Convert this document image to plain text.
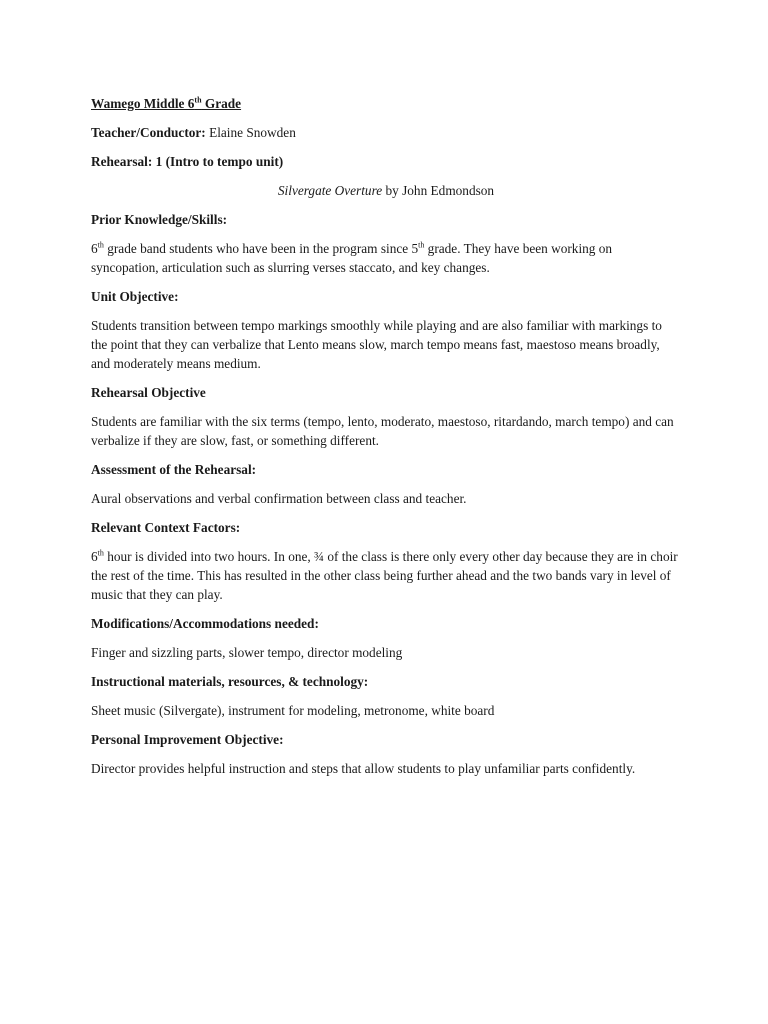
Wamego Middle 6th Grade

Teacher/Conductor: Elaine Snowden

Rehearsal: 1 (Intro to tempo unit)

Silvergate Overture by John Edmondson

Prior Knowledge/Skills:

6th grade band students who have been in the program since 5th grade. They have been working on syncopation, articulation such as slurring verses staccato, and key changes.

Unit Objective:

Students transition between tempo markings smoothly while playing and are also familiar with markings to the point that they can verbalize that Lento means slow, march tempo means fast, maestoso means broadly, and moderately means medium.

Rehearsal Objective

Students are familiar with the six terms (tempo, lento, moderato, maestoso, ritardando, march tempo) and can verbalize if they are slow, fast, or something different.

Assessment of the Rehearsal:

Aural observations and verbal confirmation between class and teacher.

Relevant Context Factors:

6th hour is divided into two hours. In one, ¾ of the class is there only every other day because they are in choir the rest of the time. This has resulted in the other class being further ahead and the two bands vary in level of music that they can play.

Modifications/Accommodations needed:

Finger and sizzling parts, slower tempo, director modeling

Instructional materials, resources, & technology:

Sheet music (Silvergate), instrument for modeling, metronome, white board

Personal Improvement Objective:

Director provides helpful instruction and steps that allow students to play unfamiliar parts confidently.
